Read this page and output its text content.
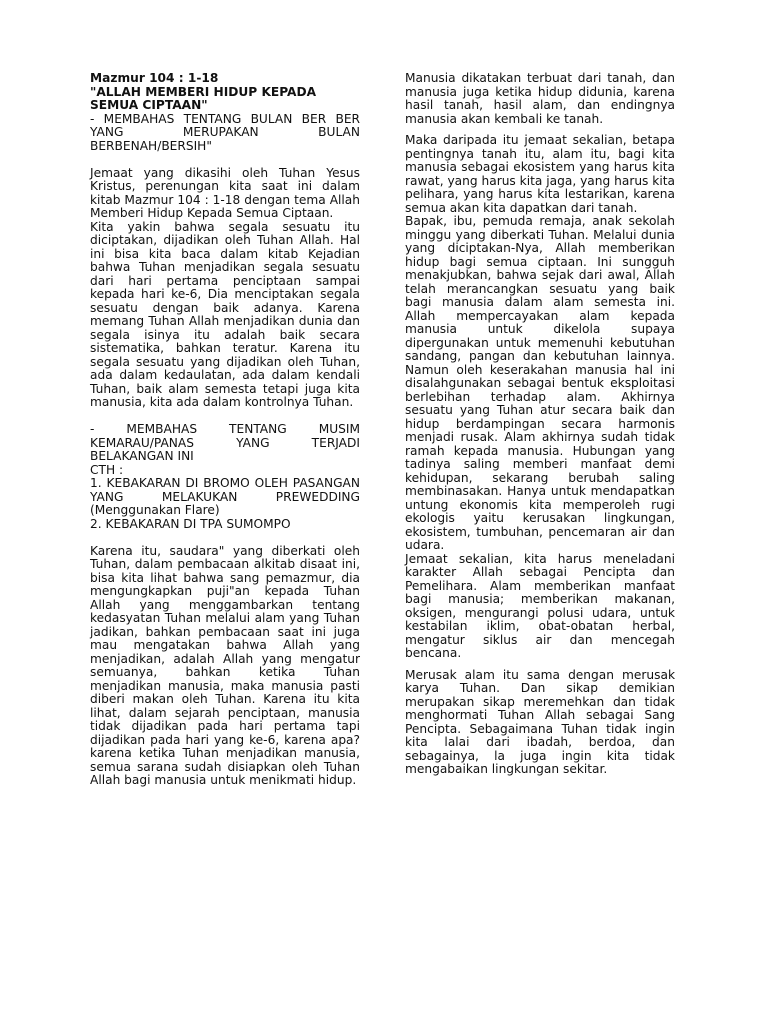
Mazmur 104 : 1-18

"ALLAH MEMBERI HIDUP KEPADA SEMUA CIPTAAN"

- MEMBAHAS TENTANG BULAN BER BER YANG MERUPAKAN BULAN BERBENAH/BERSIH"

Jemaat yang dikasihi oleh Tuhan Yesus Kristus, perenungan kita saat ini dalam kitab Mazmur 104 : 1-18 dengan tema Allah Memberi Hidup Kepada Semua Ciptaan.

Kita yakin bahwa segala sesuatu itu diciptakan, dijadikan oleh Tuhan Allah. Hal ini bisa kita baca dalam kitab Kejadian bahwa Tuhan menjadikan segala sesuatu dari hari pertama penciptaan sampai kepada hari ke-6, Dia menciptakan segala sesuatu dengan baik adanya. Karena memang Tuhan Allah menjadikan dunia dan segala isinya itu adalah baik secara sistematika, bahkan teratur. Karena itu segala sesuatu yang dijadikan oleh Tuhan, ada dalam kedaulatan, ada dalam kendali Tuhan, baik alam semesta tetapi juga kita manusia, kita ada dalam kontrolnya Tuhan.

- MEMBAHAS TENTANG MUSIM KEMARAU/PANAS YANG TERJADI BELAKANGAN INI

CTH :

1. KEBAKARAN DI BROMO OLEH PASANGAN YANG MELAKUKAN PREWEDDING (Menggunakan Flare)

2. KEBAKARAN DI TPA SUMOMPO

Karena itu, saudara" yang diberkati oleh Tuhan, dalam pembacaan alkitab disaat ini, bisa kita lihat bahwa sang pemazmur, dia mengungkapkan puji"an kepada Tuhan Allah yang menggambarkan tentang kedasyatan Tuhan melalui alam yang Tuhan jadikan, bahkan pembacaan saat ini juga mau mengatakan bahwa Allah yang menjadikan, adalah Allah yang mengatur semuanya, bahkan ketika Tuhan menjadikan manusia, maka manusia pasti diberi makan oleh Tuhan. Karena itu kita lihat, dalam sejarah penciptaan, manusia tidak dijadikan pada hari pertama tapi dijadikan pada hari yang ke-6, karena apa? karena ketika Tuhan menjadikan manusia, semua sarana sudah disiapkan oleh Tuhan Allah bagi manusia untuk menikmati hidup.

Manusia dikatakan terbuat dari tanah, dan manusia juga ketika hidup didunia, karena hasil tanah, hasil alam, dan endingnya manusia akan kembali ke tanah.

Maka daripada itu jemaat sekalian, betapa pentingnya tanah itu, alam itu, bagi kita manusia sebagai ekosistem yang harus kita rawat, yang harus kita jaga, yang harus kita pelihara, yang harus kita lestarikan, karena semua akan kita dapatkan dari tanah.

Bapak, ibu, pemuda remaja, anak sekolah minggu yang diberkati Tuhan. Melalui dunia yang diciptakan-Nya, Allah memberikan hidup bagi semua ciptaan. Ini sungguh menakjubkan, bahwa sejak dari awal, Allah telah merancangkan sesuatu yang baik bagi manusia dalam alam semesta ini. Allah mempercayakan alam kepada manusia untuk dikelola supaya dipergunakan untuk memenuhi kebutuhan sandang, pangan dan kebutuhan lainnya. Namun oleh keserakahan manusia hal ini disalahgunakan sebagai bentuk eksploitasi berlebihan terhadap alam. Akhirnya sesuatu yang Tuhan atur secara baik dan hidup berdampingan secara harmonis menjadi rusak. Alam akhirnya sudah tidak ramah kepada manusia. Hubungan yang tadinya saling memberi manfaat demi kehidupan, sekarang berubah saling membinasakan. Hanya untuk mendapatkan untung ekonomis kita memperoleh rugi ekologis yaitu kerusakan lingkungan, ekosistem, tumbuhan, pencemaran air dan udara.

Jemaat sekalian, kita harus meneladani karakter Allah sebagai Pencipta dan Pemelihara. Alam memberikan manfaat bagi manusia; memberikan makanan, oksigen, mengurangi polusi udara, untuk kestabilan iklim, obat-obatan herbal, mengatur siklus air dan mencegah bencana.

Merusak alam itu sama dengan merusak karya Tuhan. Dan sikap demikian merupakan sikap meremehkan dan tidak menghormati Tuhan Allah sebagai Sang Pencipta. Sebagaimana Tuhan tidak ingin kita lalai dari ibadah, berdoa, dan sebagainya, la juga ingin kita tidak mengabaikan lingkungan sekitar.
